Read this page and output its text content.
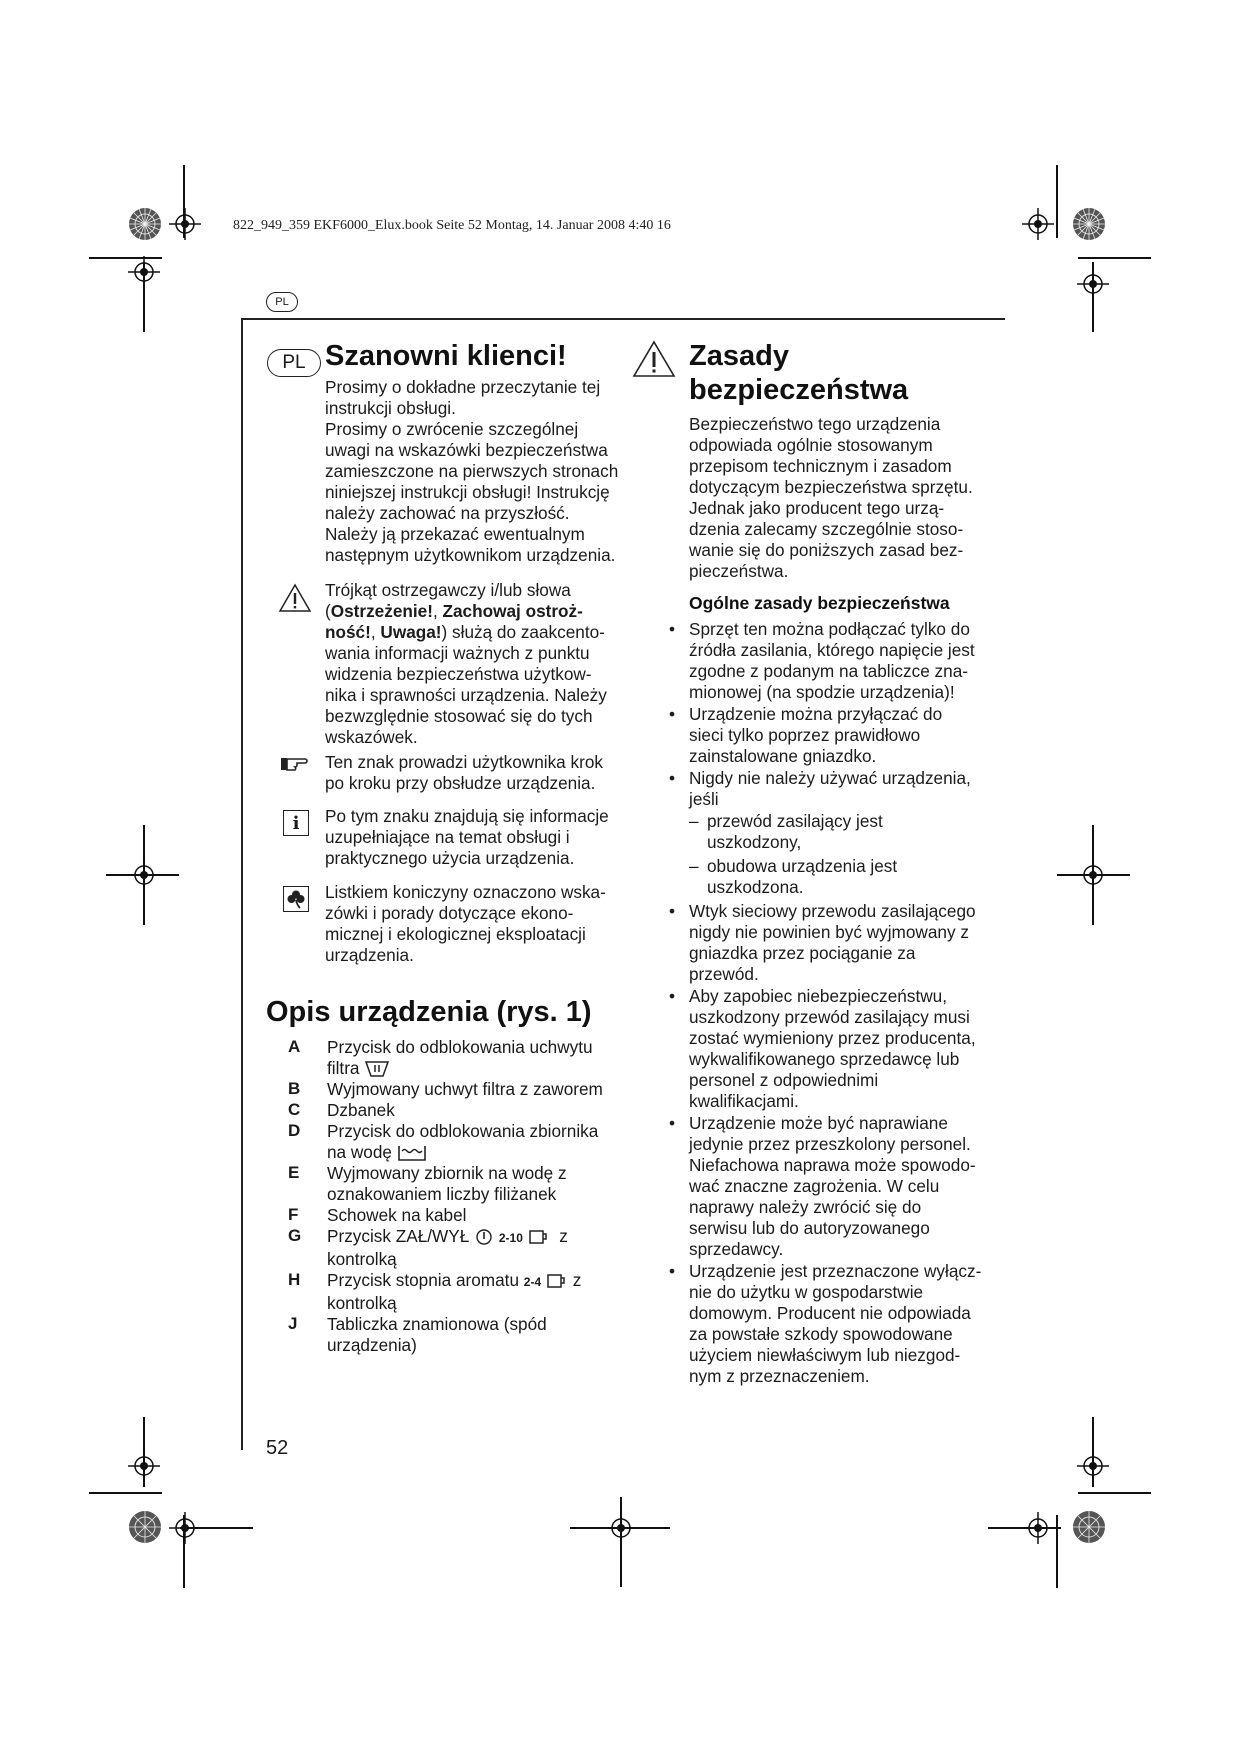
822_949_359 EKF6000_Elux.book Seite 52 Montag, 14. Januar 2008 4:40 16
PL
PL Szanowni klienci!

Prosimy o dokładne przeczytanie tej

instrukcji obsługi.

Prosimy o zwrócenie szczególnej

uwagi na wskazówki bezpieczeństwa

zamieszczone na pierwszych stronach

niniejszej instrukcji obsługi! Instrukcję

należy zachować na przyszłość.

Należy ją przekazać ewentualnym

następnym użytkownikom urządzenia.

Trójkąt ostrzegawczy i/lub słowa

(Ostrzeżenie!, Zachowaj ostroż-

ność!, Uwaga!) służą do zaakcento-

wania informacji ważnych z punktu

widzenia bezpieczeństwa użytkow-

nika i sprawności urządzenia. Należy

bezwzględnie stosować się do tych

wskazówek.

Ten znak prowadzi użytkownika krok

po kroku przy obsłudze urządzenia.

i	Po tym znaku znajdują się informacje

uzupełniające na temat obsługi i

praktycznego użycia urządzenia.

Listkiem koniczyny oznaczono wska-

zówki i porady dotyczące ekono-

micznej i ekologicznej eksploatacji

urządzenia.

Opis urządzenia (rys. 1)
A	Przycisk do odblokowania uchwytu
filtra
B	Wyjmowany uchwyt filtra z zaworem
C	Dzbanek
D	Przycisk do odblokowania zbiornika
na wodę
E	Wyjmowany zbiornik na wodę z
oznakowaniem liczby filiżanek
F	Schowek na kabel
G	Przycisk ZAŁ/WYŁ 2-10 z
kontrolką
H	Przycisk stopnia aromatu 2-4 z
kontrolką
J	Tabliczka znamionowa (spód
urządzenia)
52
Zasady
bezpieczeństwa

Bezpieczeństwo tego urządzenia

odpowiada ogólnie stosowanym

przepisom technicznym i zasadom

dotyczącym bezpieczeństwa sprzętu.

Jednak jako producent tego urzą-

dzenia zalecamy szczególnie stoso-

wanie się do poniższych zasad bez-

pieczeństwa.

Ogólne zasady bezpieczeństwa
• Sprzęt ten można podłączać tylko do

źródła zasilania, którego napięcie jest

zgodne z podanym na tabliczce zna-

mionowej (na spodzie urządzenia)!

• Urządzenie można przyłączać do

sieci tylko poprzez prawidłowo

zainstalowane gniazdko.

• Nigdy nie należy używać urządzenia,

jeśli

– przewód zasilający jest

uszkodzony,

– obudowa urządzenia jest

uszkodzona.

• Wtyk sieciowy przewodu zasilającego

nigdy nie powinien być wyjmowany z

gniazdka przez pociąganie za

przewód.

• Aby zapobiec niebezpieczeństwu,

uszkodzony przewód zasilający musi

zostać wymieniony przez producenta,

wykwalifikowanego sprzedawcę lub

personel z odpowiednimi

kwalifikacjami.

• Urządzenie może być naprawiane

jedynie przez przeszkolony personel.

Niefachowa naprawa może spowodo-

wać znaczne zagrożenia. W celu

naprawy należy zwrócić się do

serwisu lub do autoryzowanego

sprzedawcy.

• Urządzenie jest przeznaczone wyłącz-

nie do użytku w gospodarstwie

domowym. Producent nie odpowiada

za powstałe szkody spowodowane

użyciem niewłaściwym lub niezgod-

nym z przeznaczeniem.
